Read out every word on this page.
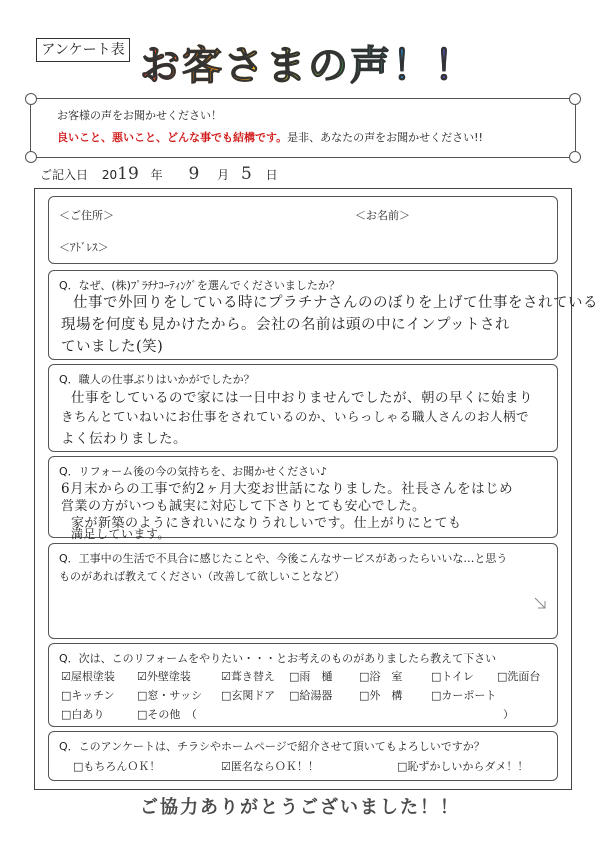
アンケート表 お客さまの声！！
お客様の声をお聞かせください！
良いこと、悪いこと、どんな事でも結構です。是非、あなたの声をお聞かせください!!
ご記入日 2019 年 9 月 5 日
＜ご住所＞	＜お名前＞
＜ｱﾄﾞﾚｽ＞
Q．なぜ、(株)ﾌﾟﾗﾁﾅｺｰﾃｨﾝｸﾞを選んでくださいましたか？
仕事で外回りをしている時にプラチナさんののぼりを上げて仕事をされている
現場を何度も見かけたから。会社の名前は頭の中にインプットされ
ていました(笑)
Q．職人の仕事ぶりはいかがでしたか？
仕事をしているので家には一日中おりませんでしたが、朝の早くに始まり
きちんとていねいにお仕事をされているのか、いらっしゃる職人さんのお人柄で
よく伝わりました。
Q．リフォーム後の今の気持ちを、お聞かせください♪
6月末からの工事で約2ヶ月大変お世話になりました。社長さんをはじめ
営業の方がいつも誠実に対応して下さりとても安心でした。
家が新築のようにきれいになりうれしいです。仕上がりにとても
満足しています。
Q．工事中の生活で不具合に感じたことや、今後こんなサービスがあったらいいな…と思う
ものがあれば教えてください（改善して欲しいことなど）
Q．次は、このリフォームをやりたい・・・とお考えのものがありましたら教えて下さい
☑屋根塗装 ☑外壁塗装	☑葺き替え □雨　樋 □浴　室	□トイレ □洗面台
□キッチン □窓・サッシ □玄関ドア □給湯器 □外　構	□カーポート
□白あり	□その他　（	）
Q．このアンケートは、チラシやホームページで紹介させて頂いてもよろしいですか？
□もちろんＯＫ！	☑匿名ならＯＫ！！	□恥ずかしいからダメ！！
ご協力ありがとうございました！！
